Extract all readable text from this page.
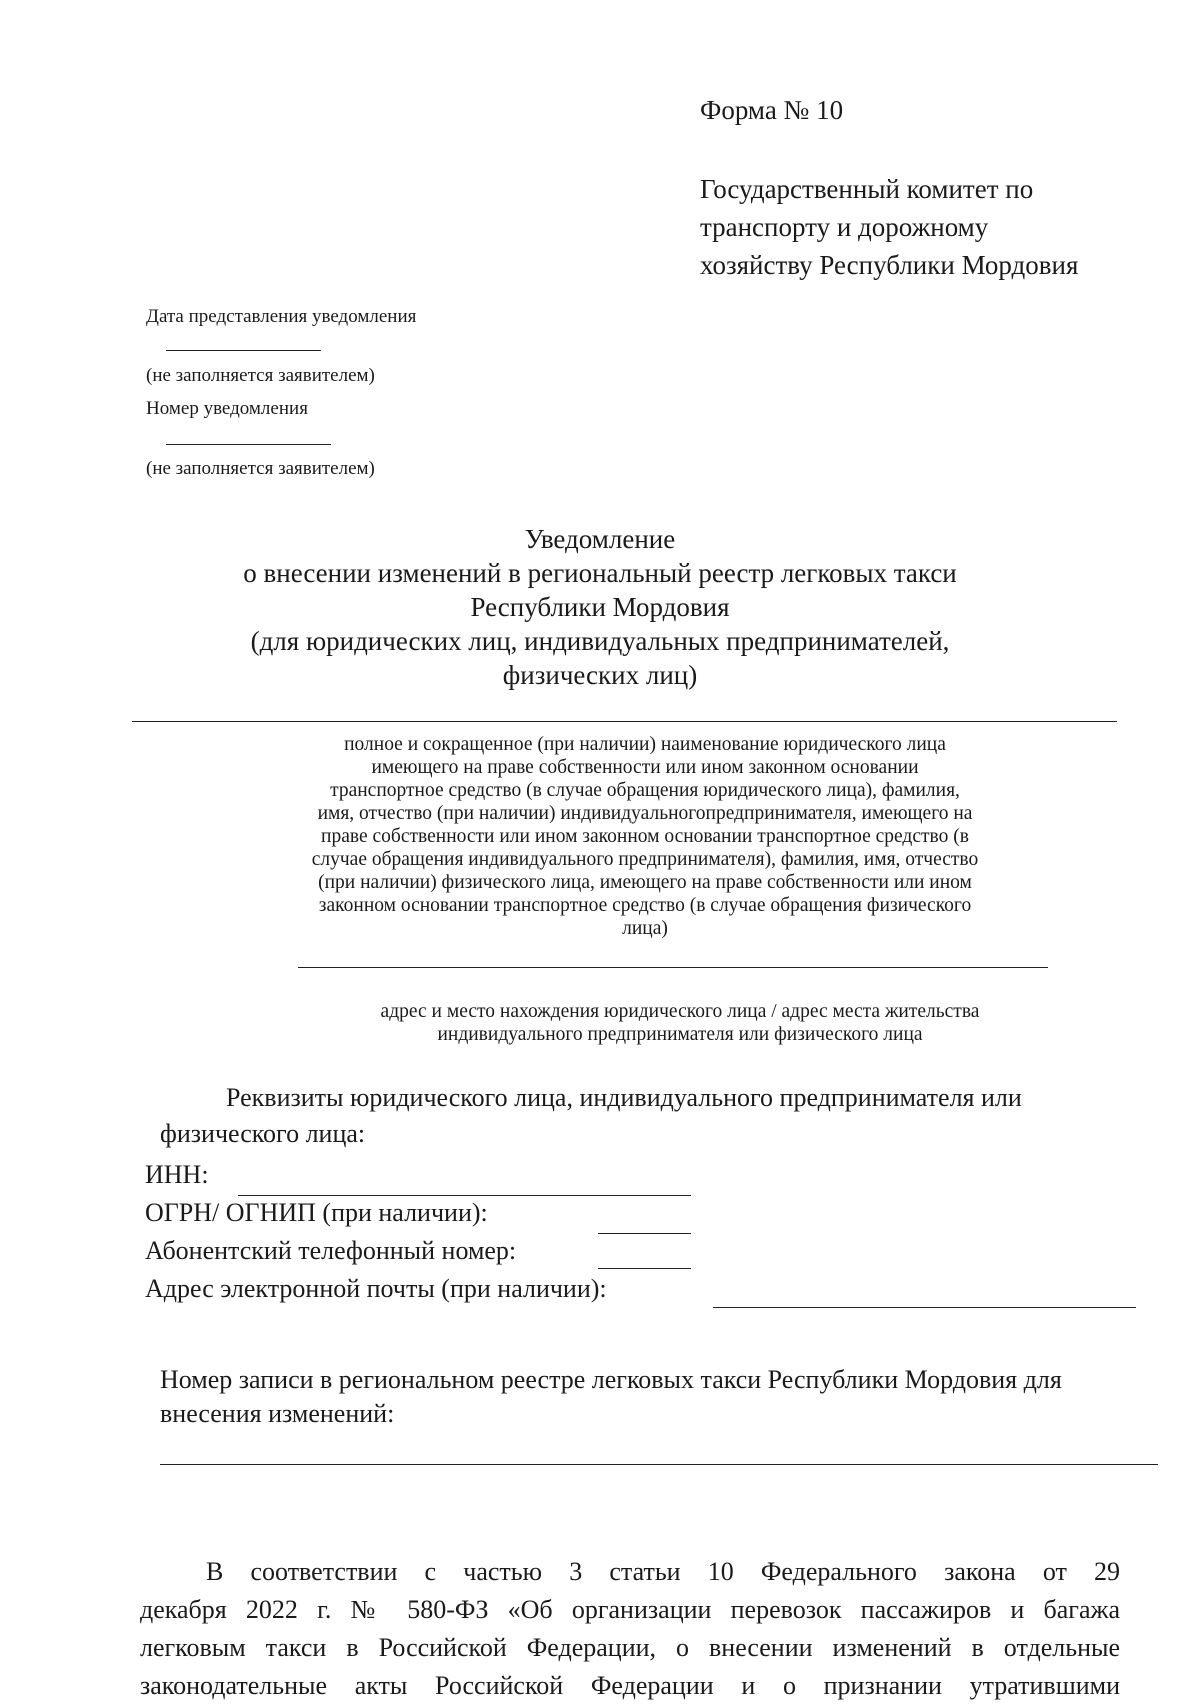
Форма № 10
Государственный комитет по
транспорту и дорожному
хозяйству Республики Мордовия
Дата представления уведомления
(не заполняется заявителем)
Номер уведомления
(не заполняется заявителем)
Уведомление
о внесении изменений в региональный реестр легковых такси
Республики Мордовия
(для юридических лиц, индивидуальных предпринимателей,
физических лиц)
полное и сокращенное (при наличии) наименование юридического лица
имеющего на праве собственности или ином законном основании
транспортное средство (в случае обращения юридического лица), фамилия,
имя, отчество (при наличии) индивидуальногопредпринимателя, имеющего на
праве собственности или ином законном основании транспортное средство (в
случае обращения индивидуального предпринимателя), фамилия, имя, отчество
(при наличии) физического лица, имеющего на праве собственности или ином
законном основании транспортное средство (в случае обращения физического
лица)
адрес и место нахождения юридического лица / адрес места жительства
индивидуального предпринимателя или физического лица
Реквизиты юридического лица, индивидуального предпринимателя или
физического лица:
ИНН:
ОГРН/ ОГНИП (при наличии):
Абонентский телефонный номер:
Адрес электронной почты (при наличии):
Номер записи в региональном реестре легковых такси Республики Мордовия для
внесения изменений:
В соответствии с частью 3 статьи 10 Федерального закона от 29
декабря 2022 г. № 580-ФЗ «Об организации перевозок пассажиров и багажа
легковым такси в Российской Федерации, о внесении изменений в отдельные
законодательные акты Российской Федерации и о признании утратившими
